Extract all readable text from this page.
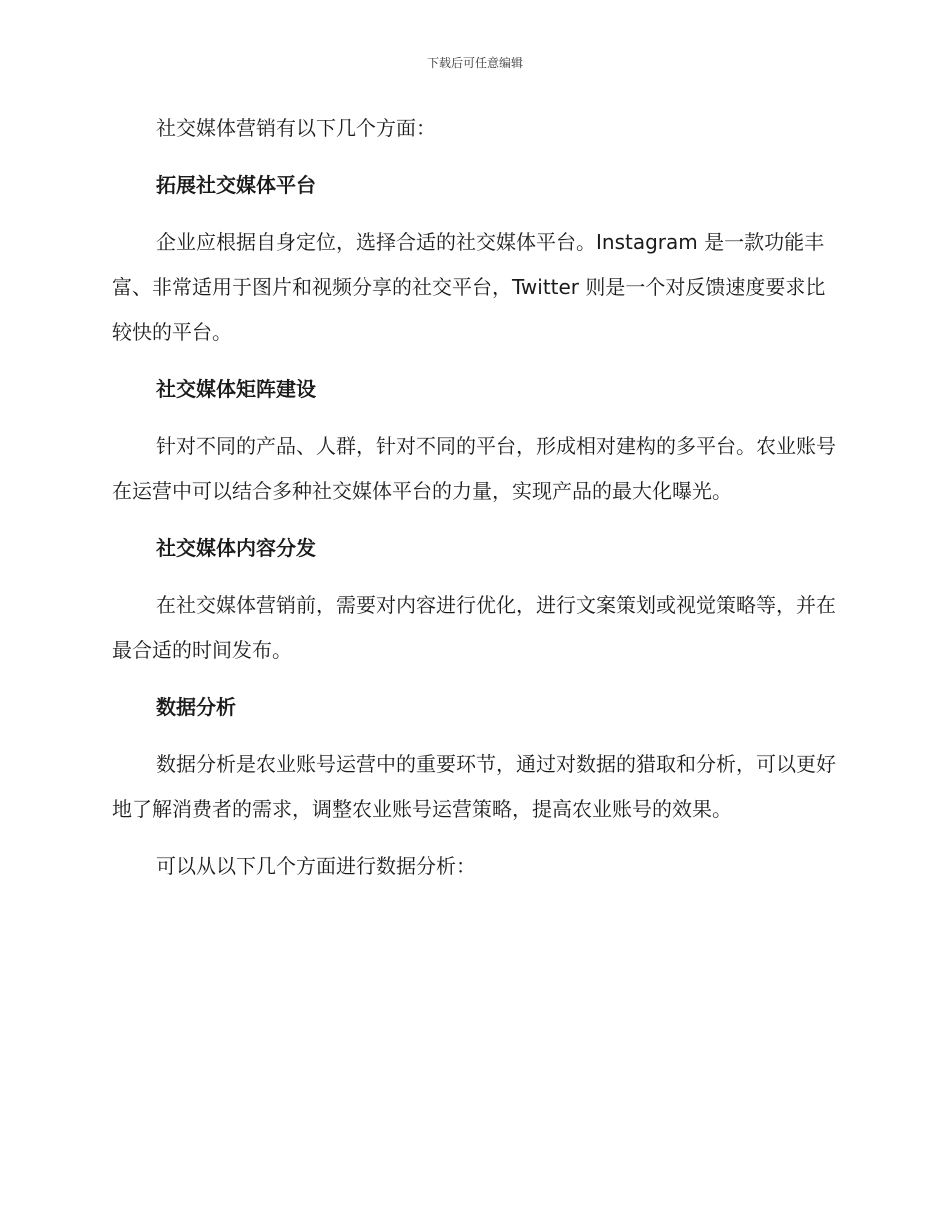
下载后可任意编辑

社交媒体营销有以下几个方面：

拓展社交媒体平台

企业应根据自身定位，选择合适的社交媒体平台。Instagram 是一款功能丰富、非常适用于图片和视频分享的社交平台，Twitter 则是一个对反馈速度要求比较快的平台。

社交媒体矩阵建设

针对不同的产品、人群，针对不同的平台，形成相对建构的多平台。农业账号在运营中可以结合多种社交媒体平台的力量，实现产品的最大化曝光。

社交媒体内容分发

在社交媒体营销前，需要对内容进行优化，进行文案策划或视觉策略等，并在最合适的时间发布。

数据分析

数据分析是农业账号运营中的重要环节，通过对数据的猎取和分析，可以更好地了解消费者的需求，调整农业账号运营策略，提高农业账号的效果。

可以从以下几个方面进行数据分析：
